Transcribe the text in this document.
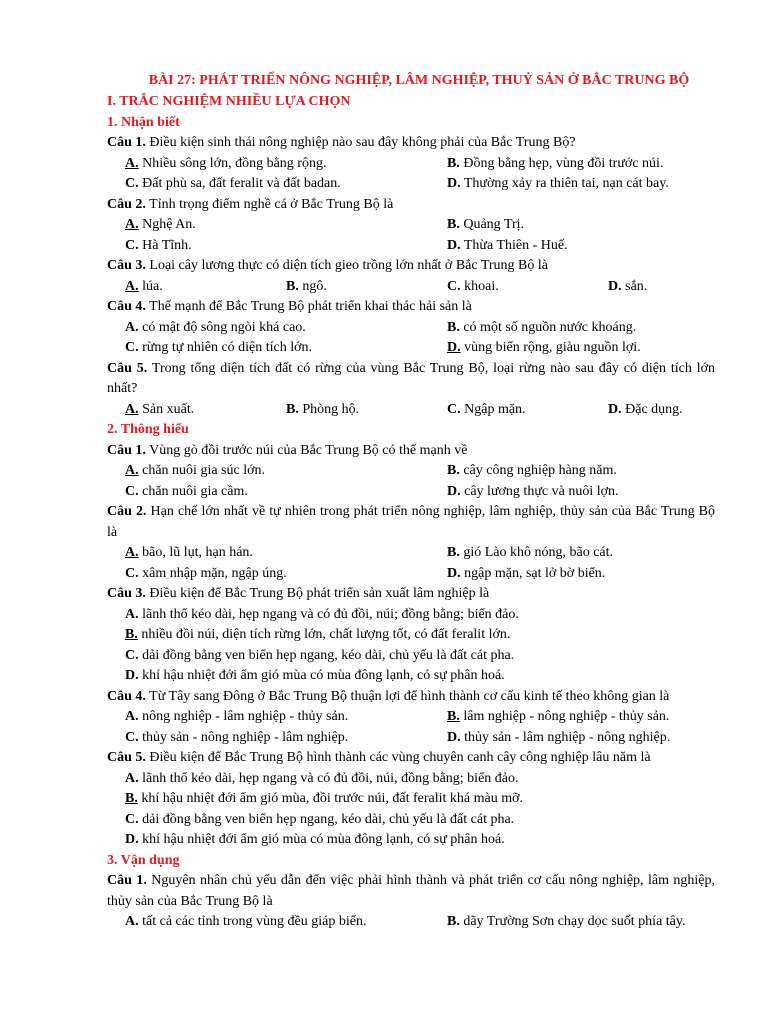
BÀI 27: PHÁT TRIỂN NÔNG NGHIỆP, LÂM NGHIỆP, THUỶ SẢN Ở BẮC TRUNG BỘ
I. TRẮC NGHIỆM NHIỀU LỰA CHỌN
1. Nhận biết
Câu 1. Điều kiện sinh thái nông nghiệp nào sau đây không phải của Bắc Trung Bộ?
A. Nhiều sông lớn, đồng bằng rộng.	B. Đồng bằng hẹp, vùng đồi trước núi.
C. Đất phù sa, đất feralit và đất badan.	D. Thường xảy ra thiên tai, nạn cát bay.
Câu 2. Tỉnh trọng điểm nghề cá ở Bắc Trung Bộ là
A. Nghệ An.	B. Quảng Trị.
C. Hà Tĩnh.	D. Thừa Thiên - Huế.
Câu 3. Loại cây lương thực có diện tích gieo trồng lớn nhất ở Bắc Trung Bộ là
A. lúa.	B. ngô.	C. khoai.	D. sắn.
Câu 4. Thế mạnh để Bắc Trung Bộ phát triển khai thác hải sản là
A. có mật độ sông ngòi khá cao.	B. có một số nguồn nước khoáng.
C. rừng tự nhiên có diện tích lớn.	D. vùng biển rộng, giàu nguồn lợi.
Câu 5. Trong tổng diện tích đất có rừng của vùng Bắc Trung Bộ, loại rừng nào sau đây có diện tích lớn nhất?
A. Sản xuất.	B. Phòng hộ.	C. Ngập mặn.	D. Đặc dụng.
2. Thông hiểu
Câu 1. Vùng gò đồi trước núi của Bắc Trung Bộ có thế mạnh về
A. chăn nuôi gia súc lớn.	B. cây công nghiệp hàng năm.
C. chăn nuôi gia cầm.	D. cây lương thực và nuôi lợn.
Câu 2. Hạn chế lớn nhất về tự nhiên trong phát triển nông nghiệp, lâm nghiệp, thủy sản của Bắc Trung Bộ là
A. bão, lũ lụt, hạn hán.	B. gió Lào khô nóng, bão cát.
C. xâm nhập mặn, ngập úng.	D. ngập mặn, sạt lở bờ biển.
Câu 3. Điều kiện để Bắc Trung Bộ phát triển sản xuất lâm nghiệp là
A. lãnh thổ kéo dài, hẹp ngang và có đủ đồi, núi; đồng bằng; biển đảo.
B. nhiều đồi núi, diện tích rừng lớn, chất lượng tốt, có đất feralit lớn.
C. dải đồng bằng ven biển hẹp ngang, kéo dài, chủ yếu là đất cát pha.
D. khí hậu nhiệt đới ẩm gió mùa có mùa đông lạnh, có sự phân hoá.
Câu 4. Từ Tây sang Đông ở Bắc Trung Bộ thuận lợi để hình thành cơ cấu kinh tế theo không gian là
A. nông nghiệp - lâm nghiệp - thủy sản.	B. lâm nghiệp - nông nghiệp - thủy sản.
C. thủy sản - nông nghiệp - lâm nghiệp.	D. thủy sản - lâm nghiệp - nông nghiệp.
Câu 5. Điều kiện để Bắc Trung Bộ hình thành các vùng chuyên canh cây công nghiệp lâu năm là
A. lãnh thổ kéo dài, hẹp ngang và có đủ đồi, núi, đồng bằng; biển đảo.
B. khí hậu nhiệt đới ẩm gió mùa, đồi trước núi, đất feralit khá màu mỡ.
C. dải đồng bằng ven biển hẹp ngang, kéo dài, chủ yếu là đất cát pha.
D. khí hậu nhiệt đới ẩm gió mùa có mùa đông lạnh, có sự phân hoá.
3. Vận dụng
Câu 1. Nguyên nhân chủ yếu dẫn đến việc phải hình thành và phát triển cơ cấu nông nghiệp, lâm nghiệp, thủy sản của Bắc Trung Bộ là
A. tất cả các tỉnh trong vùng đều giáp biển.	B. dãy Trường Sơn chạy dọc suốt phía tây.
